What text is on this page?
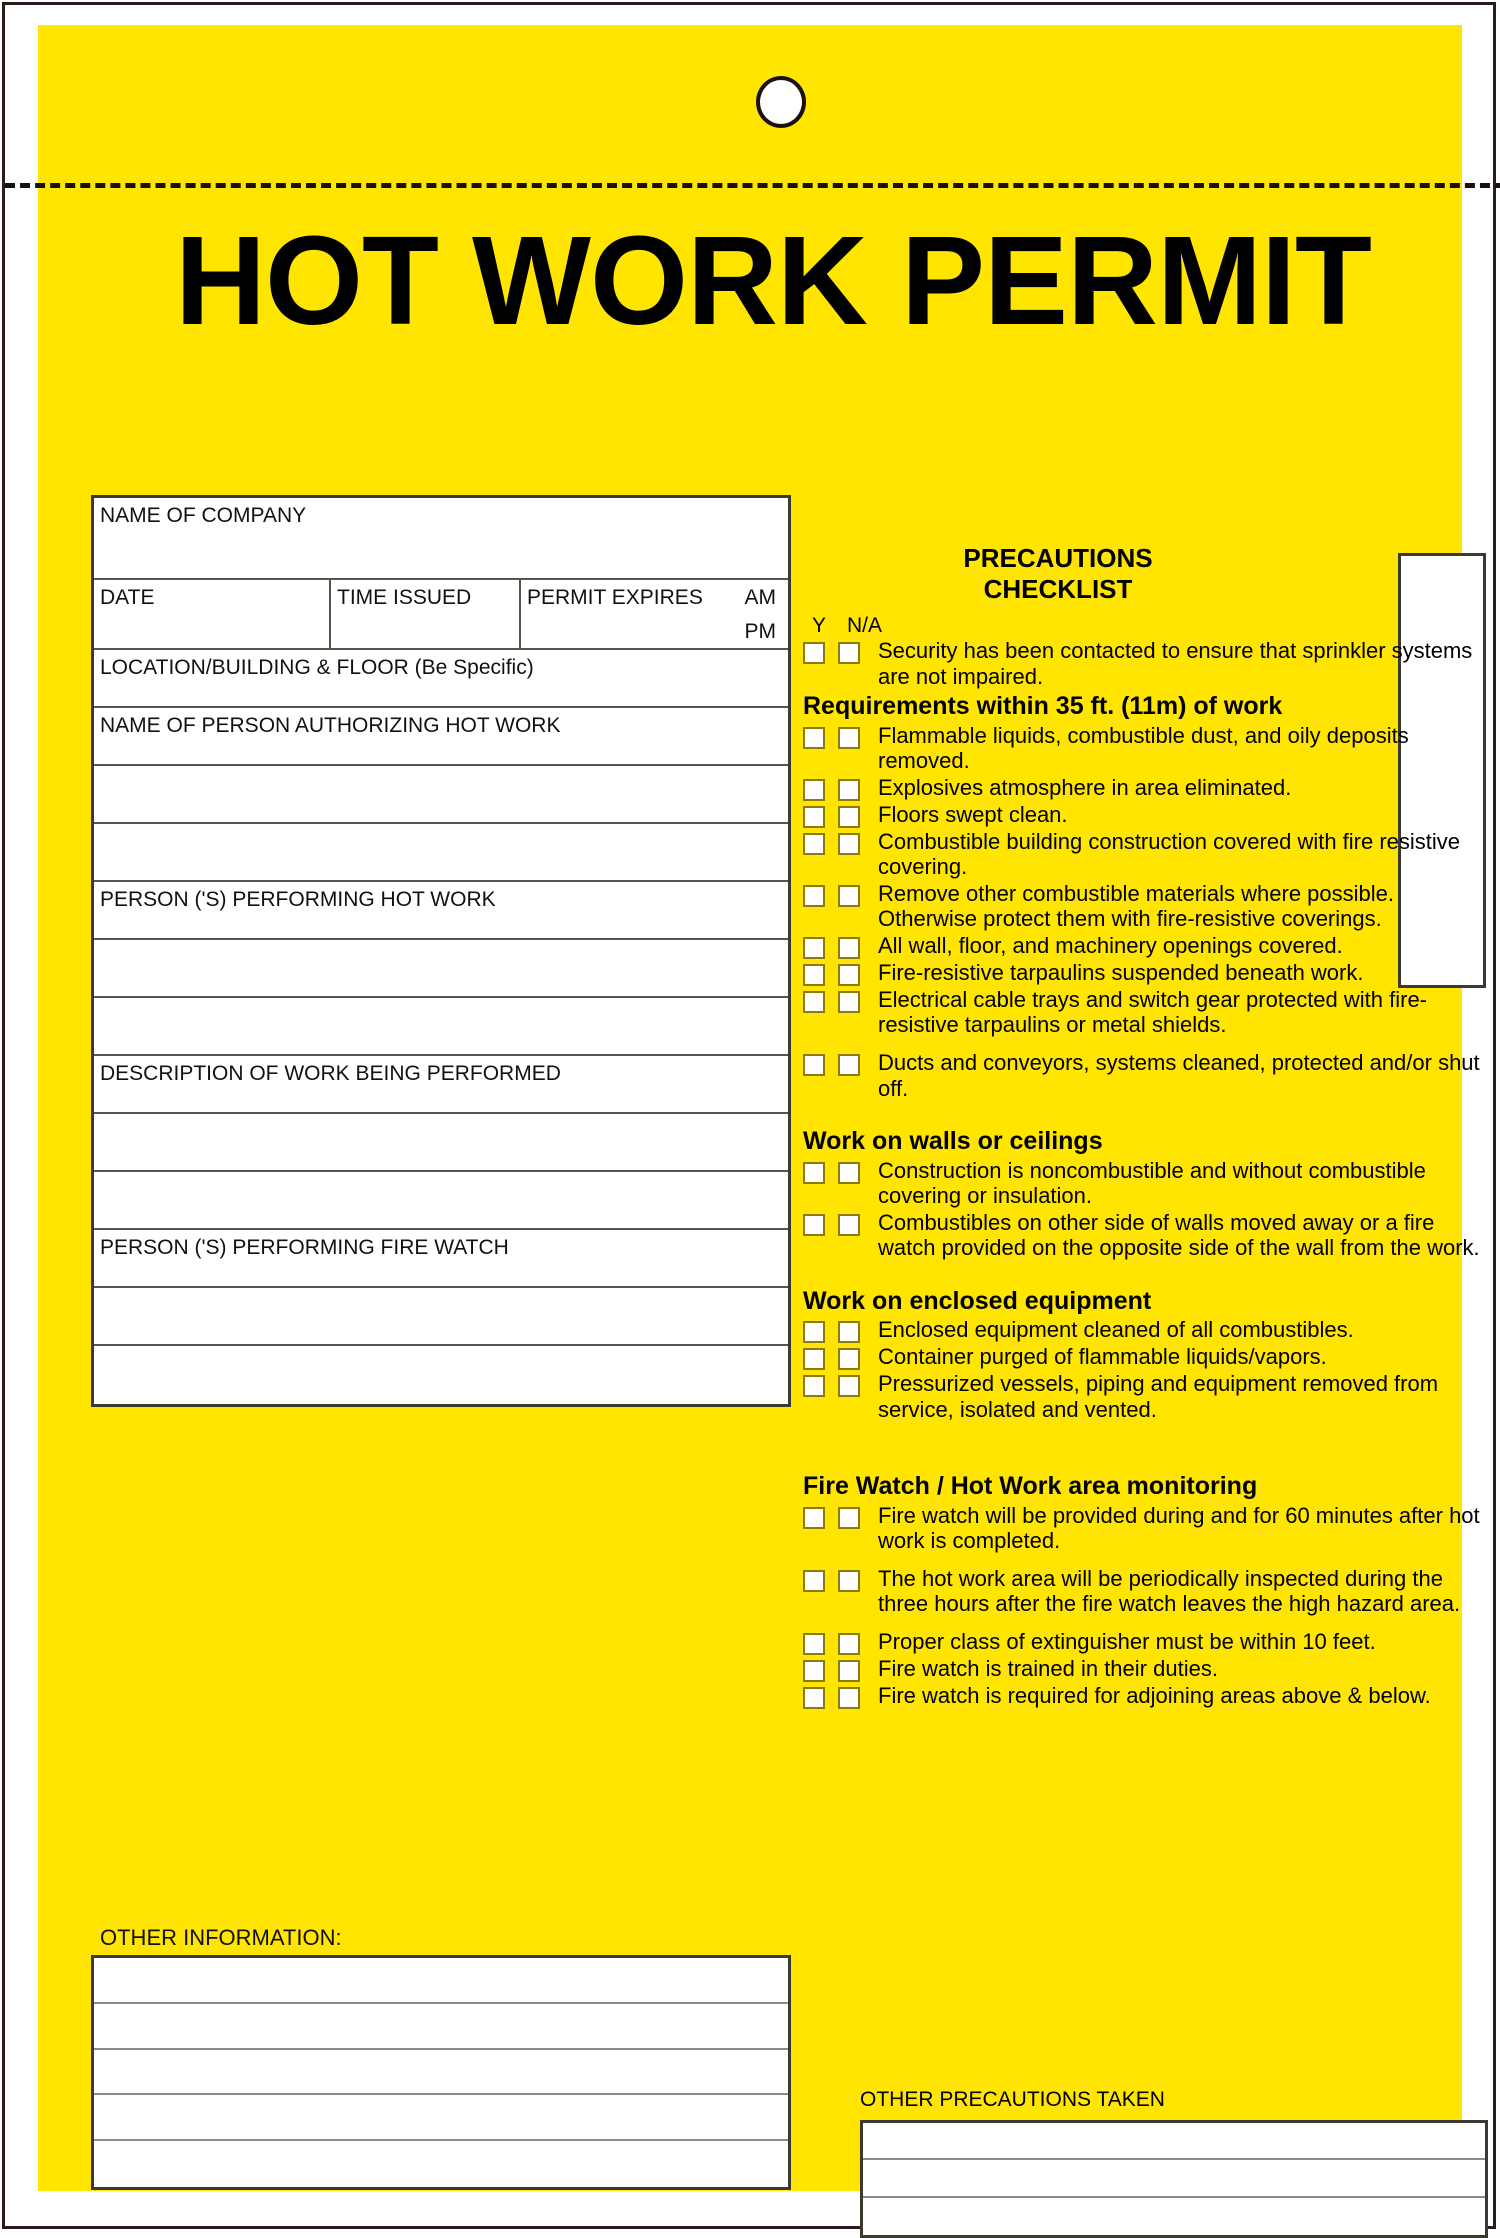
HOT WORK PERMIT
NAME OF COMPANY
DATE	TIME ISSUED	PERMIT EXPIRES AM
PM
LOCATION/BUILDING & FLOOR (Be Specific)
NAME OF PERSON AUTHORIZING HOT WORK
PERSON ('S) PERFORMING HOT WORK
DESCRIPTION OF WORK BEING PERFORMED
PERSON ('S) PERFORMING FIRE WATCH
OTHER INFORMATION:
PRECAUTIONS
CHECKLIST
Y N/A
Security has been contacted to ensure that sprinkler systems are not impaired.
Requirements within 35 ft. (11m) of work
Flammable liquids, combustible dust, and oily deposits removed.
Explosives atmosphere in area eliminated.
Floors swept clean.
Combustible building construction covered with fire resistive covering.
Remove other combustible materials where possible. Otherwise protect them with fire-resistive coverings.
All wall, floor, and machinery openings covered.
Fire-resistive tarpaulins suspended beneath work.
Electrical cable trays and switch gear protected with fire-resistive tarpaulins or metal shields.
Ducts and conveyors, systems cleaned, protected and/or shut off.
Work on walls or ceilings
Construction is noncombustible and without combustible covering or insulation.
Combustibles on other side of walls moved away or a fire watch provided on the opposite side of the wall from the work.
Work on enclosed equipment
Enclosed equipment cleaned of all combustibles.
Container purged of flammable liquids/vapors.
Pressurized vessels, piping and equipment removed from service, isolated and vented.
Fire Watch / Hot Work area monitoring
Fire watch will be provided during and for 60 minutes after hot work is completed.
The hot work area will be periodically inspected during the three hours after the fire watch leaves the high hazard area.
Proper class of extinguisher must be within 10 feet.
Fire watch is trained in their duties.
Fire watch is required for adjoining areas above & below.
OTHER PRECAUTIONS TAKEN
